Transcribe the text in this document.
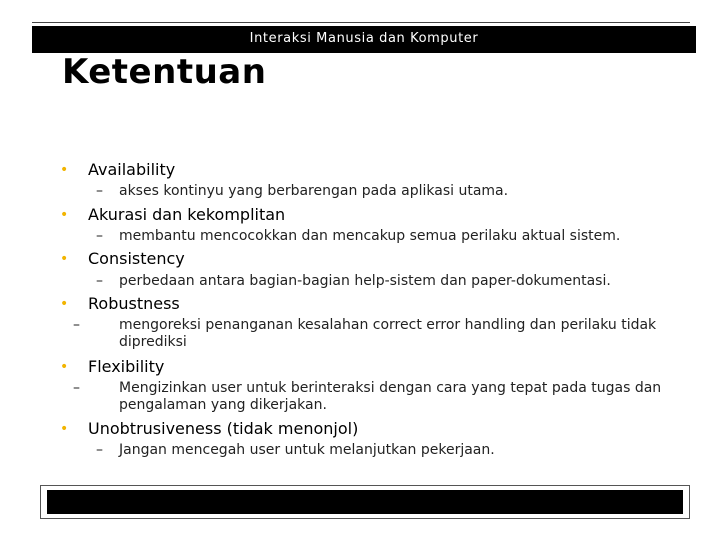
Interaksi Manusia dan Komputer
Ketentuan
• Availability
– akses kontinyu yang berbarengan pada aplikasi utama.
• Akurasi dan kekomplitan
– membantu mencocokkan dan mencakup semua perilaku aktual sistem.
• Consistency
– perbedaan antara bagian-bagian help-sistem dan paper-dokumentasi.
• Robustness
–	mengoreksi penanganan kesalahan correct error handling dan perilaku tidak diprediksi
• Flexibility
–	Mengizinkan user untuk berinteraksi dengan cara yang tepat pada tugas dan pengalaman yang dikerjakan.
• Unobtrusiveness (tidak menonjol)
– Jangan mencegah user untuk melanjutkan pekerjaan.
